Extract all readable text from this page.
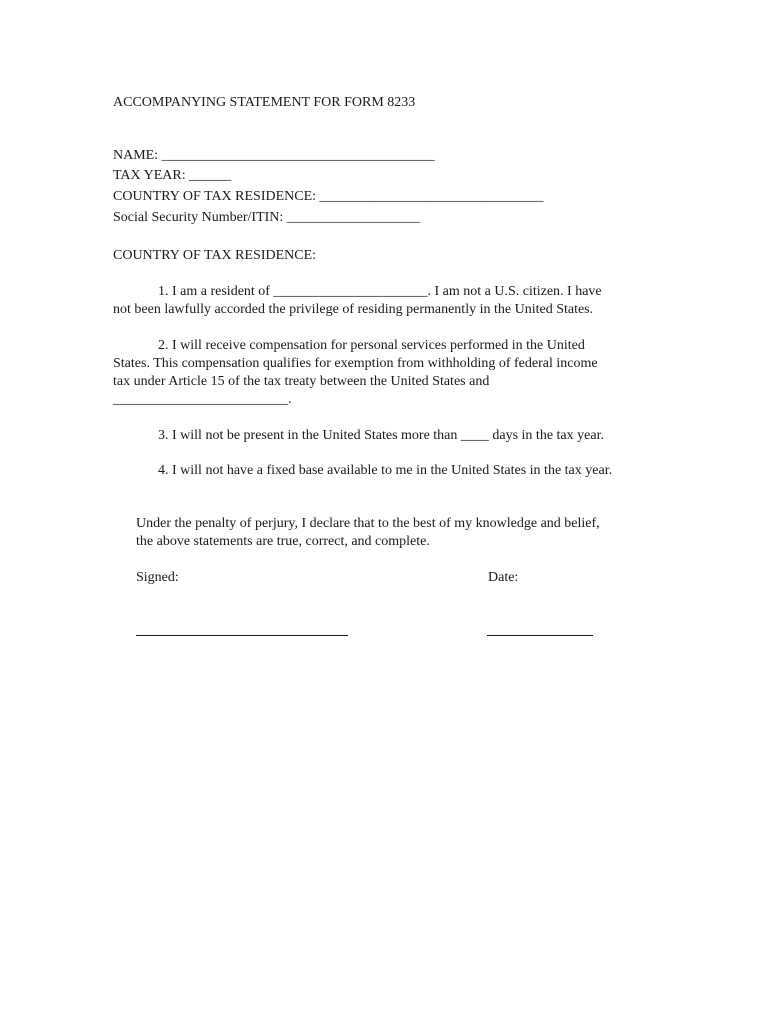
ACCOMPANYING STATEMENT FOR FORM 8233
NAME: _______________________________________
TAX YEAR: ______
COUNTRY OF TAX RESIDENCE: ________________________________
Social Security Number/ITIN: ___________________
COUNTRY OF TAX RESIDENCE:
1. I am a resident of ______________________. I am not a U.S. citizen. I have
not been lawfully accorded the privilege of residing permanently in the United States.
2. I will receive compensation for personal services performed in the United
States. This compensation qualifies for exemption from withholding of federal income
tax under Article 15 of the tax treaty between the United States and
_________________________.
3. I will not be present in the United States more than ____ days in the tax year.
4. I will not have a fixed base available to me in the United States in the tax year.
Under the penalty of perjury, I declare that to the best of my knowledge and belief,
the above statements are true, correct, and complete.
Signed:	Date:
